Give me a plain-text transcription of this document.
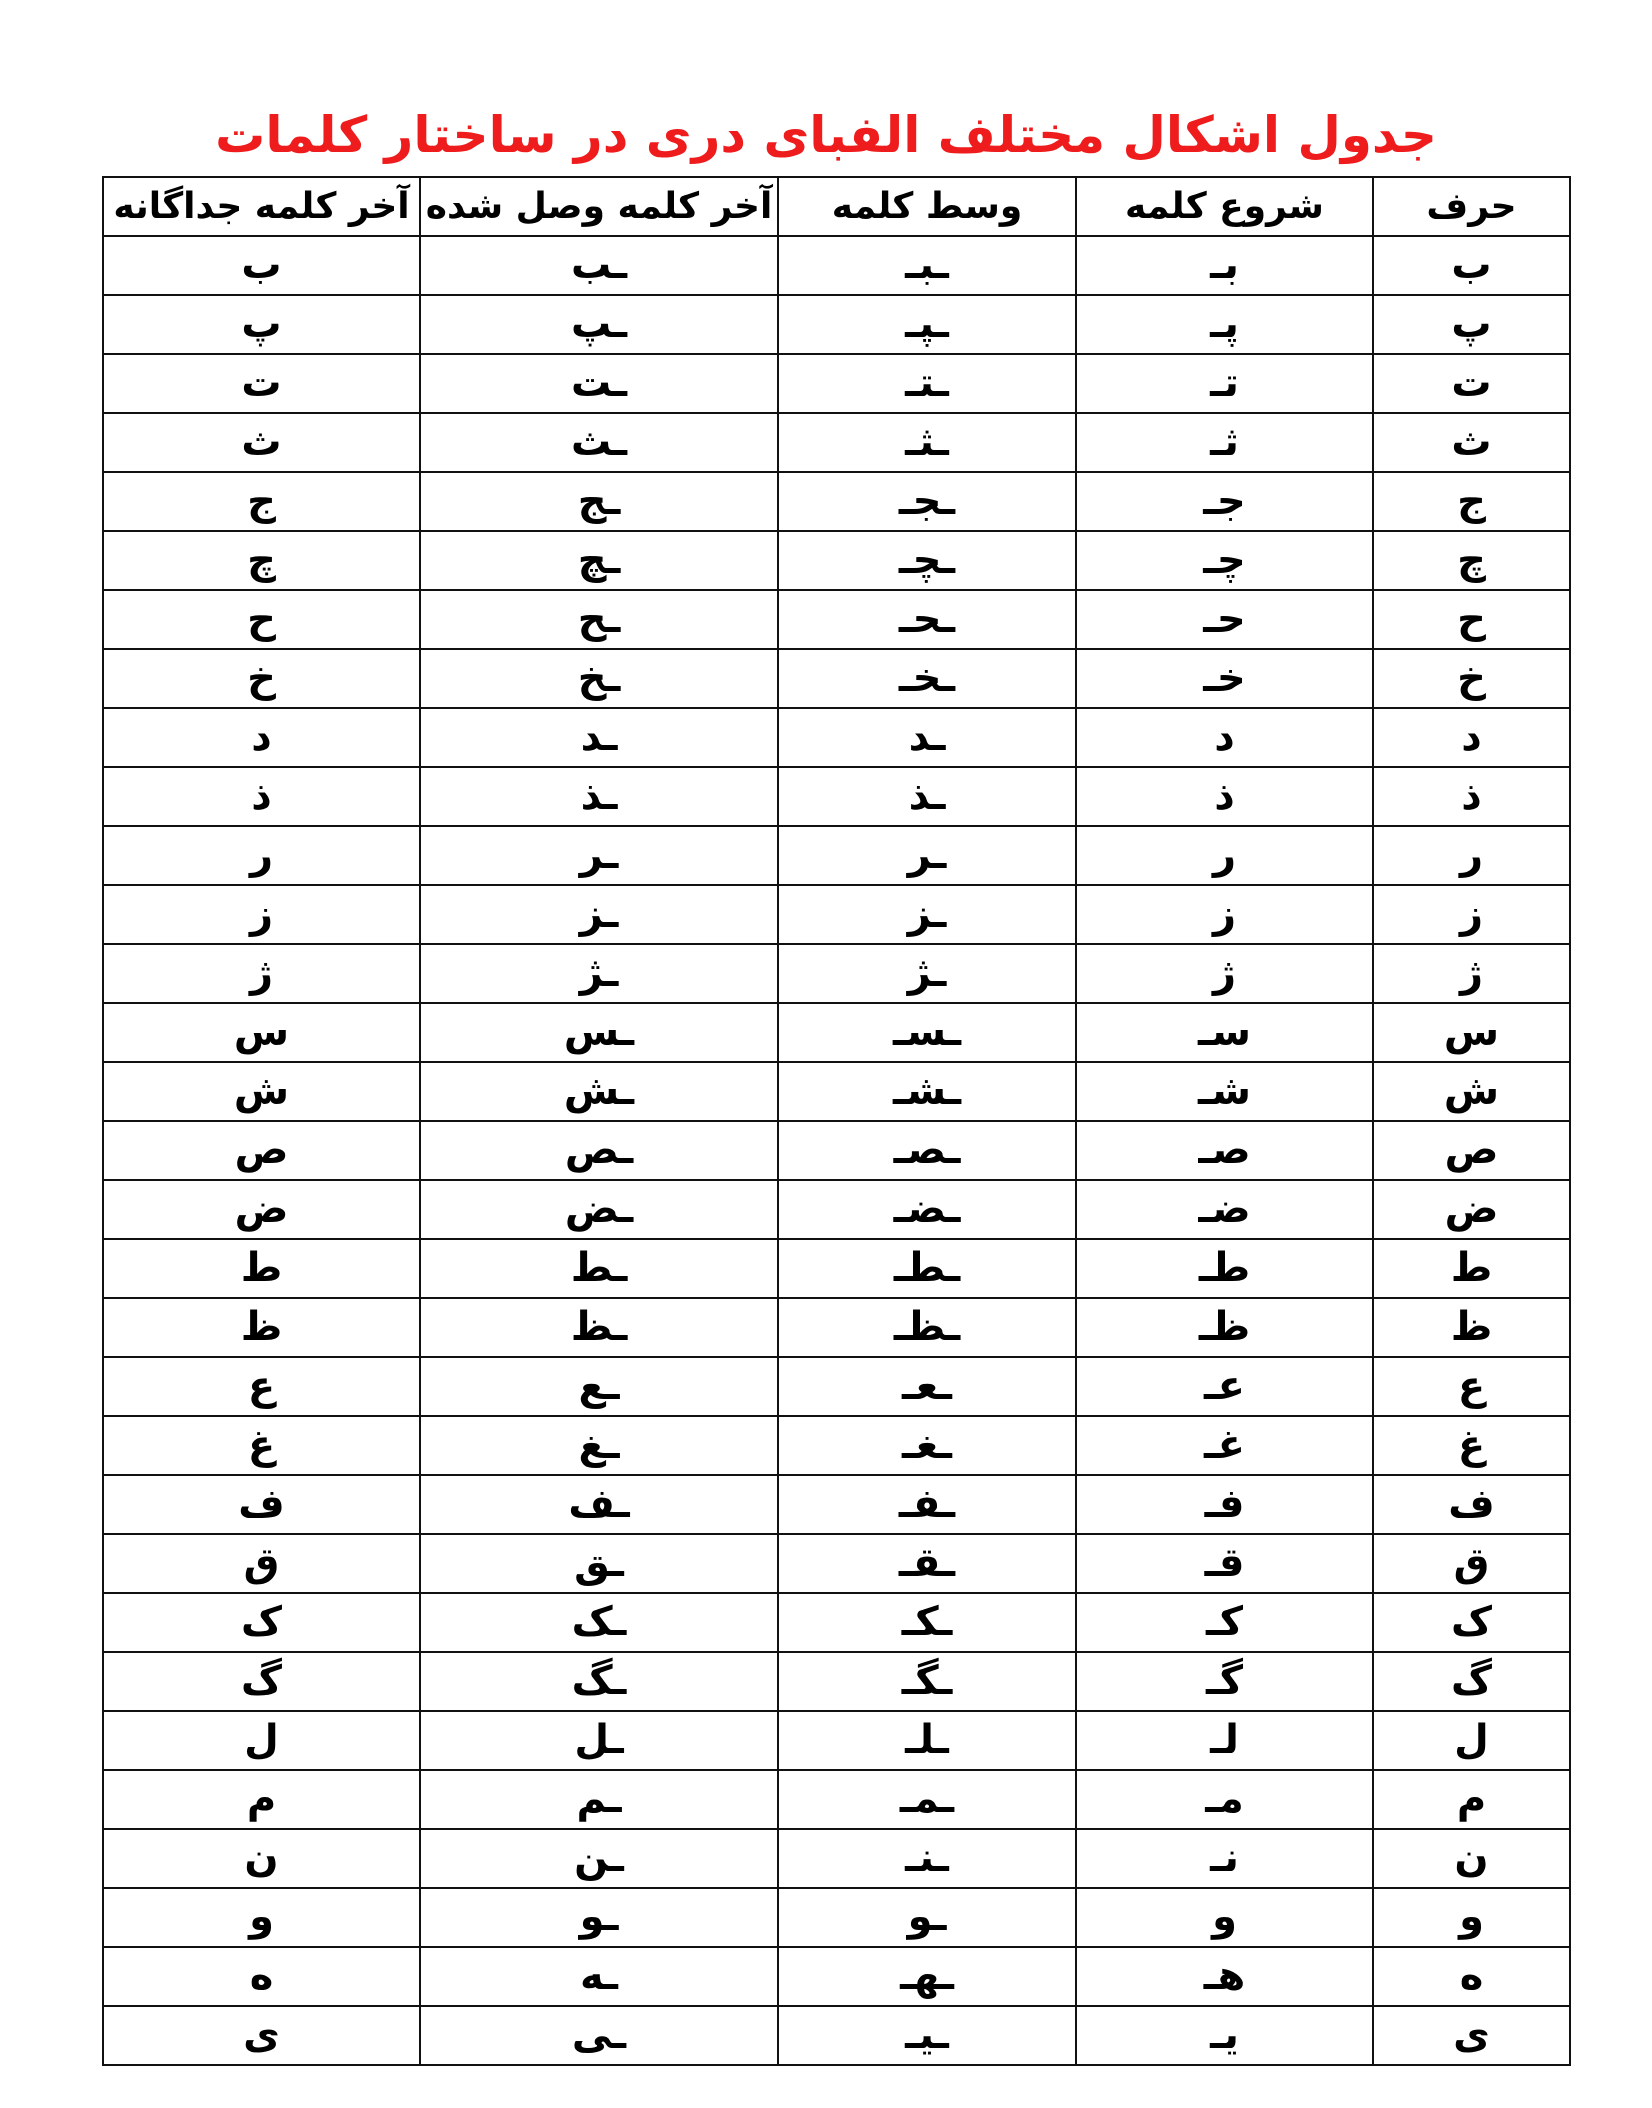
جدول اشکال مختلف الفبای دری در ساختار کلمات
حرف	شروع کلمه	وسط کلمه	آخر کلمه وصل شده	آخر کلمه جداگانه
ب	بـ	ـبـ	ـب	ب
پ	پـ	ـپـ	ـپ	پ
ت	تـ	ـتـ	ـت	ت
ث	ثـ	ـثـ	ـث	ث
ج	جـ	ـجـ	ـج	ج
چ	چـ	ـچـ	ـچ	چ
ح	حـ	ـحـ	ـح	ح
خ	خـ	ـخـ	ـخ	خ
د	د	ـد	ـد	د
ذ	ذ	ـذ	ـذ	ذ
ر	ر	ـر	ـر	ر
ز	ز	ـز	ـز	ز
ژ	ژ	ـژ	ـژ	ژ
س	سـ	ـسـ	ـس	س
ش	شـ	ـشـ	ـش	ش
ص	صـ	ـصـ	ـص	ص
ض	ضـ	ـضـ	ـض	ض
ط	طـ	ـطـ	ـط	ط
ظ	ظـ	ـظـ	ـظ	ظ
ع	عـ	ـعـ	ـع	ع
غ	غـ	ـغـ	ـغ	غ
ف	فـ	ـفـ	ـف	ف
ق	قـ	ـقـ	ـق	ق
ک	کـ	ـکـ	ـک	ک
گ	گـ	ـگـ	ـگ	گ
ل	لـ	ـلـ	ـل	ل
م	مـ	ـمـ	ـم	م
ن	نـ	ـنـ	ـن	ن
و	و	ـو	ـو	و
ه	هـ	ـهـ	ـه	ه
ی	یـ	ـیـ	ـی	ی
